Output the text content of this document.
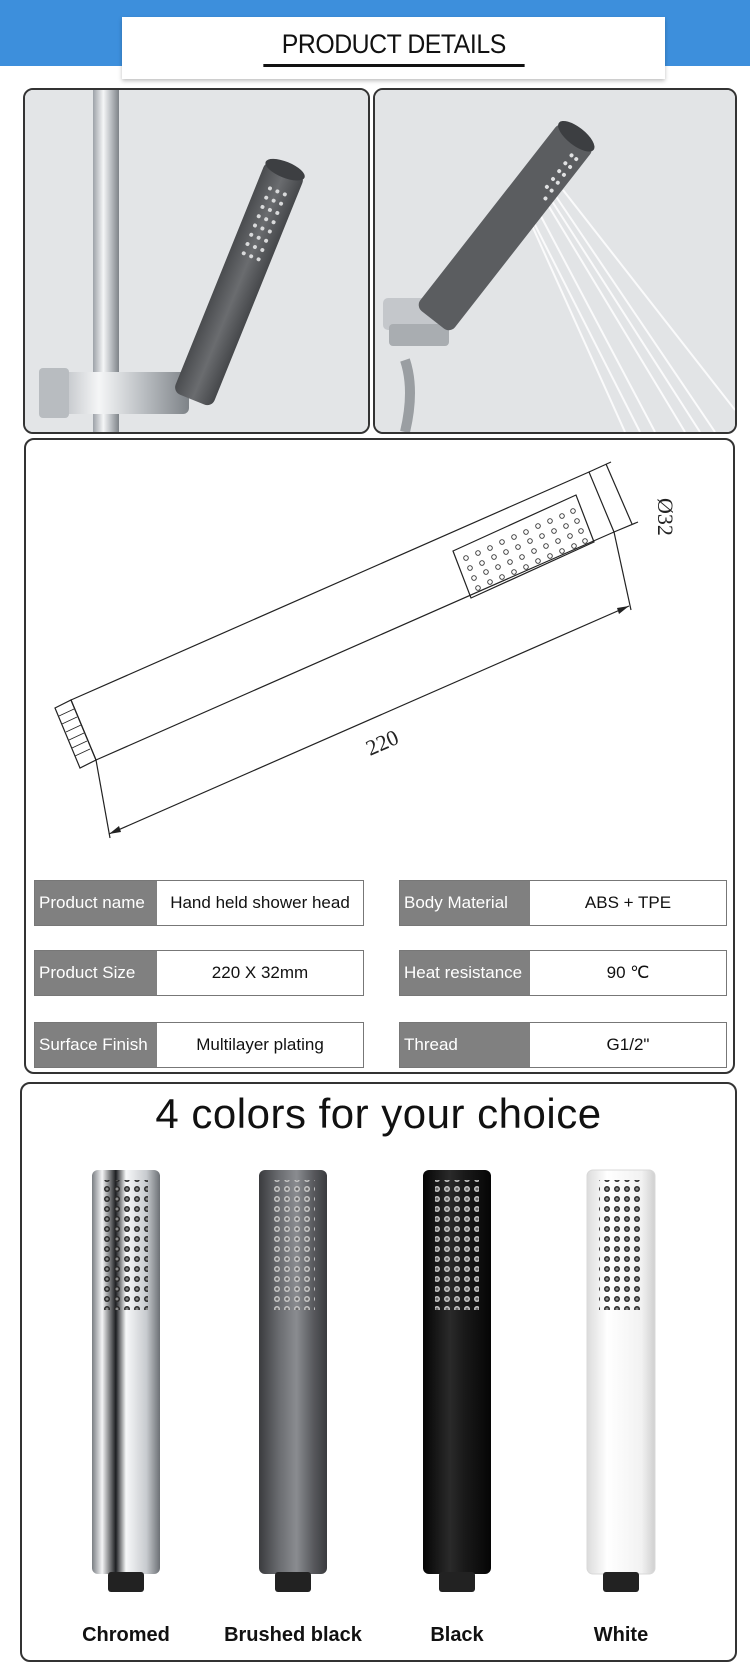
PRODUCT DETAILS
Ø32
220
Product name	Hand held shower head	Body Material	ABS + TPE
Product Size	220 X 32mm	Heat resistance	90 ℃
Surface Finish	Multilayer plating	Thread	G1/2"
4 colors for your choice
Chromed	Brushed black	Black	White
